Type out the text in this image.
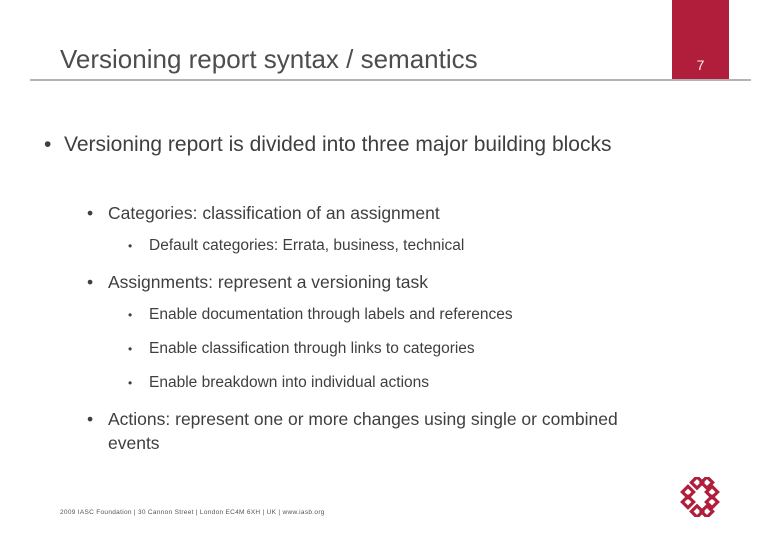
Versioning report syntax / semantics	7
• Versioning report is divided into three major building blocks
• Categories: classification of an assignment
•	Default categories: Errata, business, technical
• Assignments: represent a versioning task
•	Enable documentation through labels and references
•	Enable classification through links to categories
•	Enable breakdown into individual actions
• Actions: represent one or more changes using single or combined events
2009 IASC Foundation | 30 Cannon Street | London EC4M 6XH | UK | www.iasb.org
